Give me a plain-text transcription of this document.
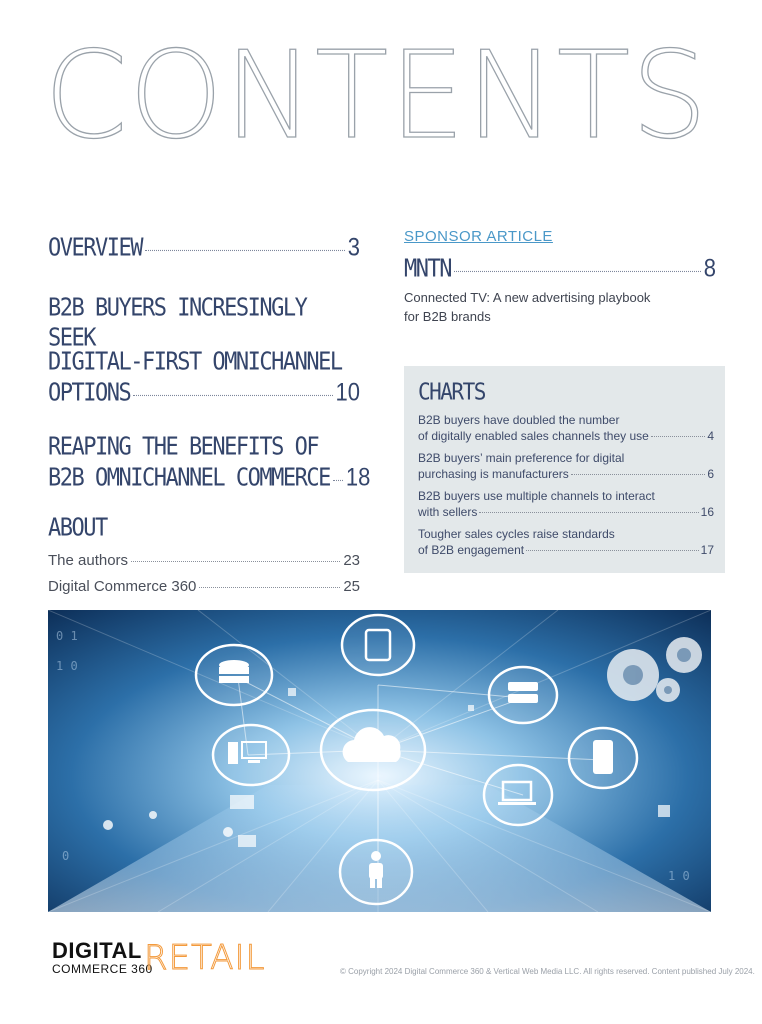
CONTENTS
OVERVIEW	3
B2B BUYERS INCRESINGLY SEEK
DIGITAL-FIRST OMNICHANNEL
OPTIONS	10
REAPING THE BENEFITS OF
B2B OMNICHANNEL COMMERCE 18
ABOUT
The authors	23
Digital Commerce 360	25
SPONSOR ARTICLE
MNTN	8
Connected TV: A new advertising playbook
for B2B brands
CHARTS
B2B buyers have doubled the number
of digitally enabled sales channels they use	4
B2B buyers’ main preference for digital
purchasing is manufacturers	6
B2B buyers use multiple channels to interact
with sellers	16
Tougher sales cycles raise standards
of B2B engagement	17
0 1
1 0
0
1 0
DIGITAL
COMMERCE 360
RETAIL	© Copyright 2024 Digital Commerce 360 & Vertical Web Media LLC. All rights reserved. Content published July 2024.
